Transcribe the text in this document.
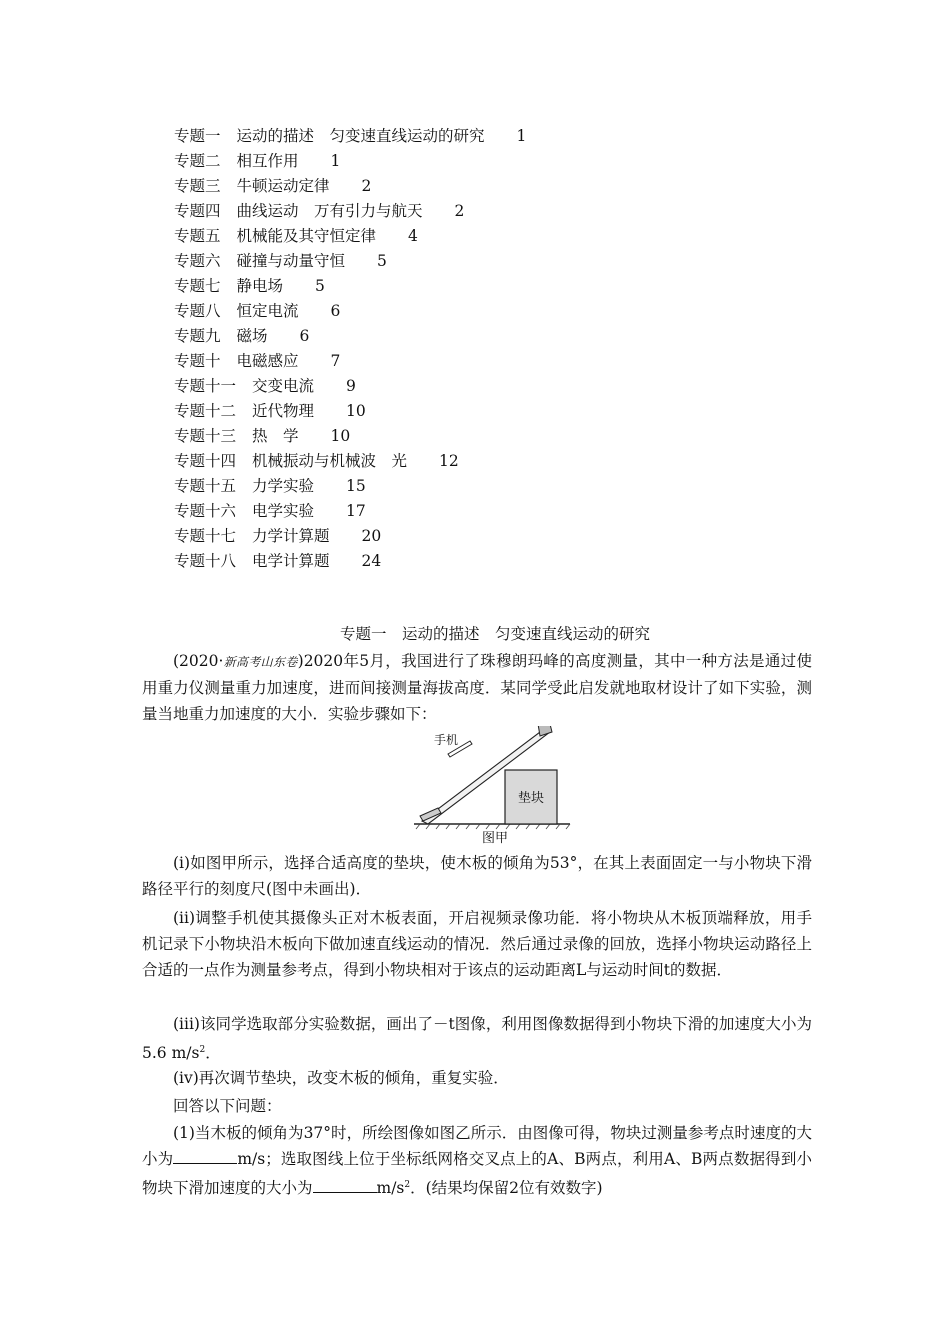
专题一 运动的描述　匀变速直线运动的研究 1
专题二 相互作用 1
专题三 牛顿运动定律 2
专题四 曲线运动　万有引力与航天 2
专题五 机械能及其守恒定律 4
专题六 碰撞与动量守恒 5
专题七 静电场 5
专题八 恒定电流 6
专题九 磁场 6
专题十 电磁感应 7
专题十一 交变电流 9
专题十二 近代物理 10
专题十三 热　学 10
专题十四 机械振动与机械波　光 12
专题十五 力学实验 15
专题十六 电学实验 17
专题十七 力学计算题 20
专题十八 电学计算题 24
专题一　运动的描述　匀变速直线运动的研究
(2020·新高考山东卷)2020年5月，我国进行了珠穆朗玛峰的高度测量，其中一种方法是通过使用重力仪测量重力加速度，进而间接测量海拔高度．某同学受此启发就地取材设计了如下实验，测量当地重力加速度的大小．实验步骤如下：
垫块
手机
图甲
(i)如图甲所示，选择合适高度的垫块，使木板的倾角为53°，在其上表面固定一与小物块下滑路径平行的刻度尺(图中未画出)．
(ii)调整手机使其摄像头正对木板表面，开启视频录像功能．将小物块从木板顶端释放，用手机记录下小物块沿木板向下做加速直线运动的情况．然后通过录像的回放，选择小物块运动路径上合适的一点作为测量参考点，得到小物块相对于该点的运动距离L与运动时间t的数据．
(iii)该同学选取部分实验数据，画出了－t图像，利用图像数据得到小物块下滑的加速度大小为5.6 $m/s^2$．
(iv)再次调节垫块，改变木板的倾角，重复实验．
回答以下问题：
(1)当木板的倾角为37°时，所绘图像如图乙所示．由图像可得，物块过测量参考点时速度的大小为	m/s；选取图线上位于坐标纸网格交叉点上的A、B两点，利用A、B两点数据得到小物块下滑加速度的大小为	$m/s^2$．(结果均保留2位有效数字)
